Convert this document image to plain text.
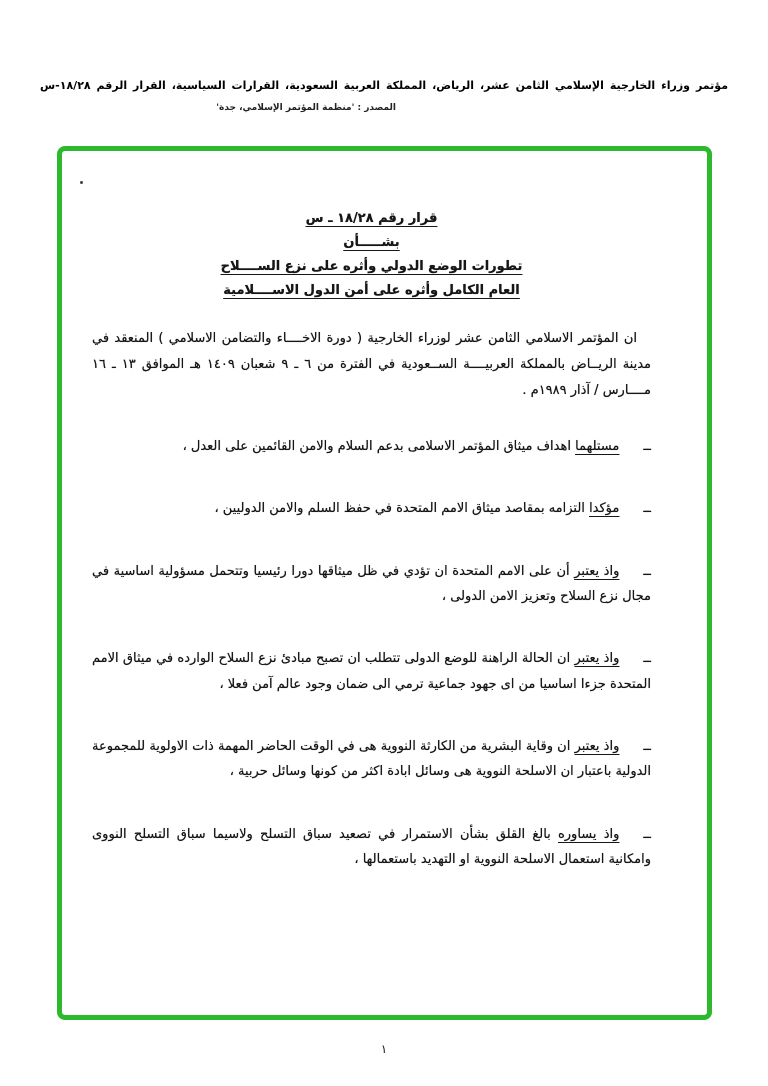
مؤتمر وزراء الخارجية الإسلامي الثامن عشر، الرياض، المملكة العربية السعودية، القرارات السياسية، القرار الرقم ١٨/٢٨-س
المصدر : 'منظمة المؤتمر الإسلامي، جدة'
قرار رقم ١٨/٢٨ ـ س
بشـــــأن
تطورات الوضع الدولي وأثره على نزع الســــلاح
العام الكامل وأثره على أمن الدول الاســــلامية

ان المؤتمر الاسلامي الثامن عشر لوزراء الخارجية ( دورة الاخــــاء والتضامن الاسلامي ) المنعقد في مدينة الريــاض بالمملكة العربيــــة الســعودية في الفترة من ٦ ـ ٩ شعبان ١٤٠٩ هـ الموافق ١٣ ـ ١٦ مــــارس / آذار ١٩٨٩م .

ــمستلهما اهداف ميثاق المؤتمر الاسلامى بدعم السلام والامن القائمين على العدل ،

ــمؤكدا التزامه بمقاصد ميثاق الامم المتحدة في حفظ السلم والامن الدوليين ،

ــواذ يعتبر أن على الامم المتحدة ان تؤدي في ظل ميثاقها دورا رئيسيا وتتحمل مسؤولية اساسية في مجال نزع السلاح وتعزيز الامن الدولى ،

ــواذ يعتبر ان الحالة الراهنة للوضع الدولى تتطلب ان تصبح مبادئ نزع السلاح الوارده في ميثاق الامم المتحدة جزءا اساسيا من اى جهود جماعية ترمي الى ضمان وجود عالم آمن فعلا ،

ــواذ يعتبر ان وقاية البشرية من الكارثة النووية هى في الوقت الحاضر المهمة ذات الاولوية للمجموعة الدولية باعتبار ان الاسلحة النووية هى وسائل ابادة اكثر من كونها وسائل حربية ،

ــواذ يساوره بالغ القلق بشأن الاستمرار في تصعيد سباق التسلح ولاسيما سباق التسلح النووى وامكانية استعمال الاسلحة النووية او التهديد باستعمالها ،

١
